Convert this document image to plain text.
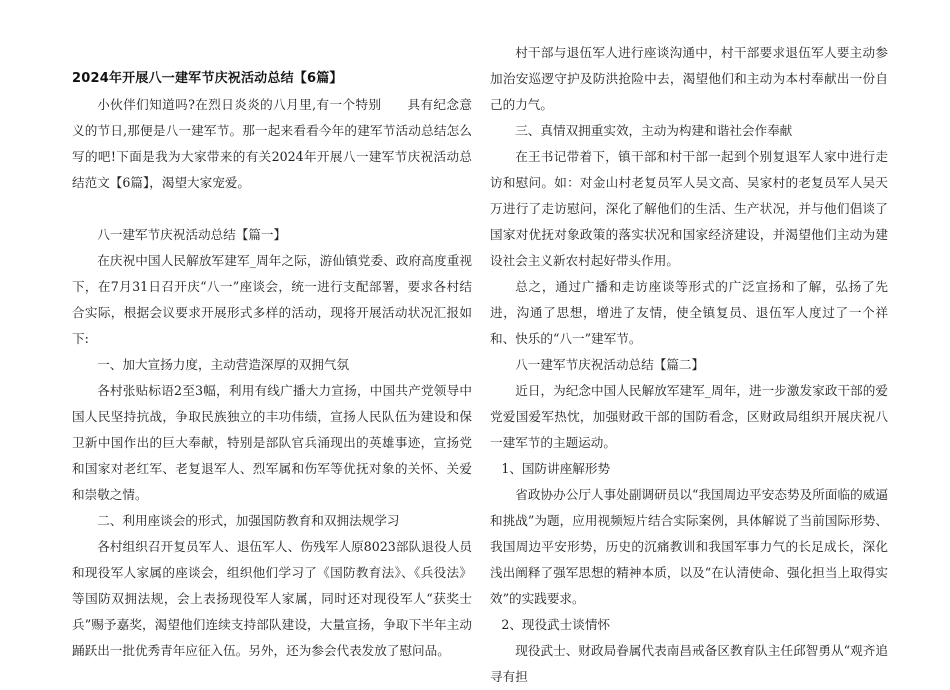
2024年开展八一建军节庆祝活动总结【6篇】

小伙伴们知道吗?在烈日炎炎的八月里,有一个特别　　具有纪念意义的节日,那便是八一建军节。那一起来看看今年的建军节活动总结怎么写的吧!下面是我为大家带来的有关2024年开展八一建军节庆祝活动总结范文【6篇】，渴望大家宠爱。

八一建军节庆祝活动总结【篇一】

在庆祝中国人民解放军建军_周年之际，游仙镇党委、政府高度重视下，在7月31日召开庆“八一”座谈会，统一进行支配部署，要求各村结合实际，根据会议要求开展形式多样的活动，现将开展活动状况汇报如下:

一、加大宣扬力度，主动营造深厚的双拥气氛

各村张贴标语2至3幅，利用有线广播大力宣扬，中国共产党领导中国人民坚持抗战，争取民族独立的丰功伟绩，宣扬人民队伍为建设和保卫新中国作出的巨大奉献，特别是部队官兵涌现出的英雄事迹，宣扬党和国家对老红军、老复退军人、烈军属和伤军等优抚对象的关怀、关爱和崇敬之情。

二、利用座谈会的形式，加强国防教育和双拥法规学习

各村组织召开复员军人、退伍军人、伤残军人原8023部队退役人员和现役军人家属的座谈会，组织他们学习了《国防教育法》、《兵役法》等国防双拥法规，会上表扬现役军人家属，同时还对现役军人“获奖士兵”赐予嘉奖，渴望他们连续支持部队建设，大量宣扬，争取下半年主动踊跃出一批优秀青年应征入伍。另外，还为参会代表发放了慰问品。

村干部与退伍军人进行座谈沟通中，村干部要求退伍军人要主动参加治安巡逻守护及防洪抢险中去，渴望他们和主动为本村奉献出一份自己的力气。

三、真情双拥重实效，主动为构建和谐社会作奉献

在王书记带着下，镇干部和村干部一起到个别复退军人家中进行走访和慰问。如：对金山村老复员军人吴文高、吴家村的老复员军人吴天万进行了走访慰问，深化了解他们的生活、生产状况，并与他们倡谈了国家对优抚对象政策的落实状况和国家经济建设，并渴望他们主动为建设社会主义新农村起好带头作用。

总之，通过广播和走访座谈等形式的广泛宣扬和了解，弘扬了先进，沟通了思想，增进了友情，使全镇复员、退伍军人度过了一个祥和、快乐的“八一”建军节。

八一建军节庆祝活动总结【篇二】

近日，为纪念中国人民解放军建军_周年，进一步激发家政干部的爱党爱国爱军热忱，加强财政干部的国防看念，区财政局组织开展庆祝八一建军节的主题运动。

1、国防讲座解形势

省政协办公厅人事处副调研员以“我国周边平安态势及所面临的威逼和挑战”为题，应用视频短片结合实际案例，具体解说了当前国际形势、我国周边平安形势，历史的沉痛教训和我国军事力气的长足成长，深化浅出阐释了强军思想的精神本质，以及“在认清使命、强化担当上取得实效”的实践要求。

2、现役武士谈情怀

现役武士、财政局眷属代表南昌戒备区教育队主任邱智勇从“观齐追寻有担
